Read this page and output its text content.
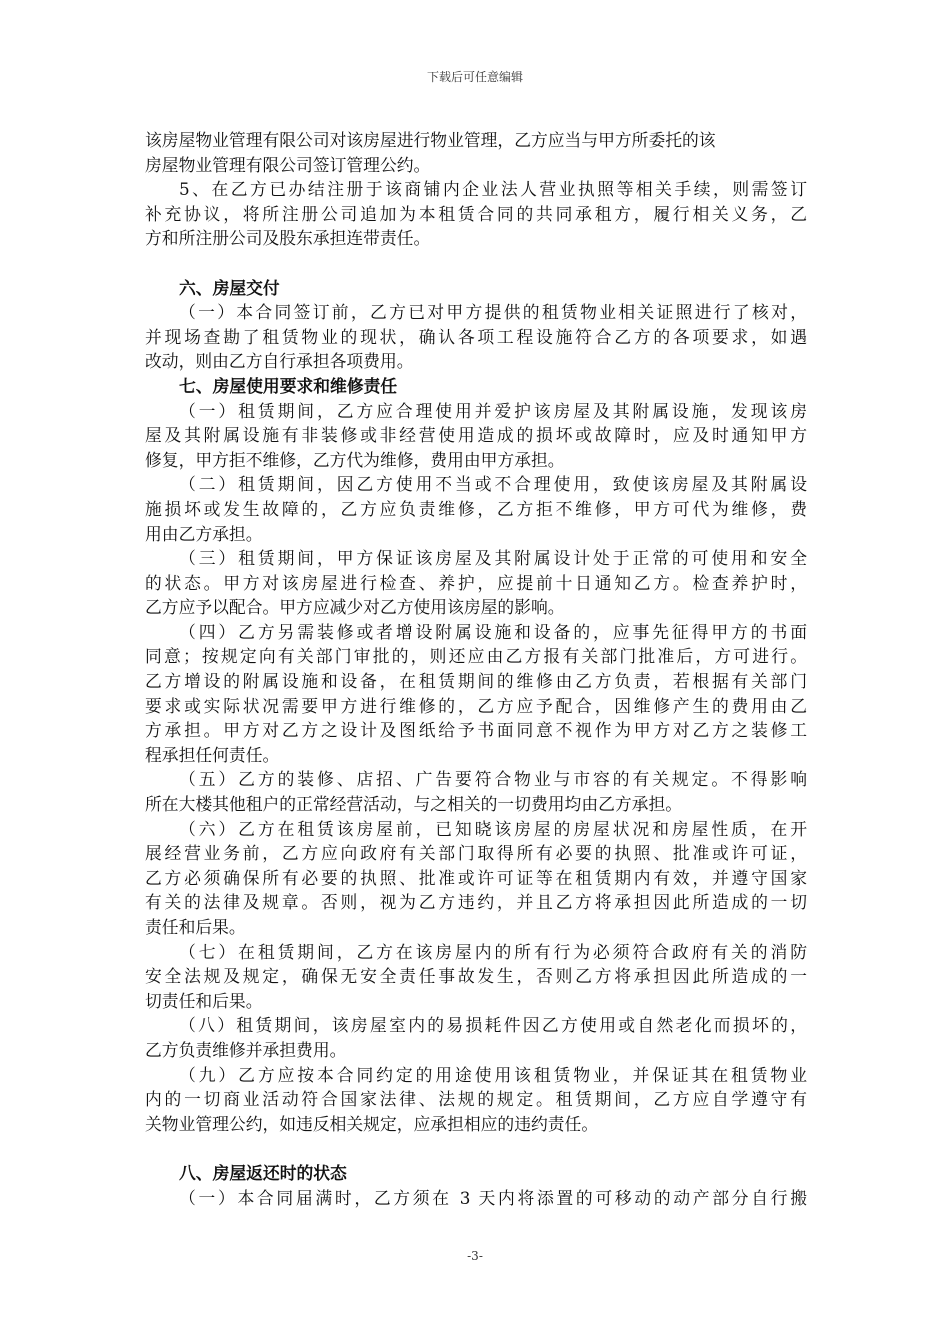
下载后可任意编辑
该房屋物业管理有限公司对该房屋进行物业管理，乙方应当与甲方所委托的该
房屋物业管理有限公司签订管理公约。
5、在乙方已办结注册于该商铺内企业法人营业执照等相关手续，则需签订
补充协议，将所注册公司追加为本租赁合同的共同承租方，履行相关义务，乙
方和所注册公司及股东承担连带责任。
六、房屋交付
（一）本合同签订前，乙方已对甲方提供的租赁物业相关证照进行了核对，
并现场查勘了租赁物业的现状，确认各项工程设施符合乙方的各项要求，如遇
改动，则由乙方自行承担各项费用。
七、房屋使用要求和维修责任
（一）租赁期间，乙方应合理使用并爱护该房屋及其附属设施，发现该房
屋及其附属设施有非装修或非经营使用造成的损坏或故障时，应及时通知甲方
修复，甲方拒不维修，乙方代为维修，费用由甲方承担。
（二）租赁期间，因乙方使用不当或不合理使用，致使该房屋及其附属设
施损坏或发生故障的，乙方应负责维修，乙方拒不维修，甲方可代为维修，费
用由乙方承担。
（三）租赁期间，甲方保证该房屋及其附属设计处于正常的可使用和安全
的状态。甲方对该房屋进行检查、养护，应提前十日通知乙方。检查养护时，
乙方应予以配合。甲方应减少对乙方使用该房屋的影响。
（四）乙方另需装修或者增设附属设施和设备的，应事先征得甲方的书面
同意；按规定向有关部门审批的，则还应由乙方报有关部门批准后，方可进行。
乙方增设的附属设施和设备，在租赁期间的维修由乙方负责，若根据有关部门
要求或实际状况需要甲方进行维修的，乙方应予配合，因维修产生的费用由乙
方承担。甲方对乙方之设计及图纸给予书面同意不视作为甲方对乙方之装修工
程承担任何责任。
（五）乙方的装修、店招、广告要符合物业与市容的有关规定。不得影响
所在大楼其他租户的正常经营活动，与之相关的一切费用均由乙方承担。
（六）乙方在租赁该房屋前，已知晓该房屋的房屋状况和房屋性质，在开
展经营业务前，乙方应向政府有关部门取得所有必要的执照、批准或许可证，
乙方必须确保所有必要的执照、批准或许可证等在租赁期内有效，并遵守国家
有关的法律及规章。否则，视为乙方违约，并且乙方将承担因此所造成的一切
责任和后果。
（七）在租赁期间，乙方在该房屋内的所有行为必须符合政府有关的消防
安全法规及规定，确保无安全责任事故发生，否则乙方将承担因此所造成的一
切责任和后果。
（八）租赁期间，该房屋室内的易损耗件因乙方使用或自然老化而损坏的，
乙方负责维修并承担费用。
（九）乙方应按本合同约定的用途使用该租赁物业，并保证其在租赁物业
内的一切商业活动符合国家法律、法规的规定。租赁期间，乙方应自学遵守有
关物业管理公约，如违反相关规定，应承担相应的违约责任。
八、房屋返还时的状态
（一）本合同届满时，乙方须在 3 天内将添置的可移动的动产部分自行搬
-3-
